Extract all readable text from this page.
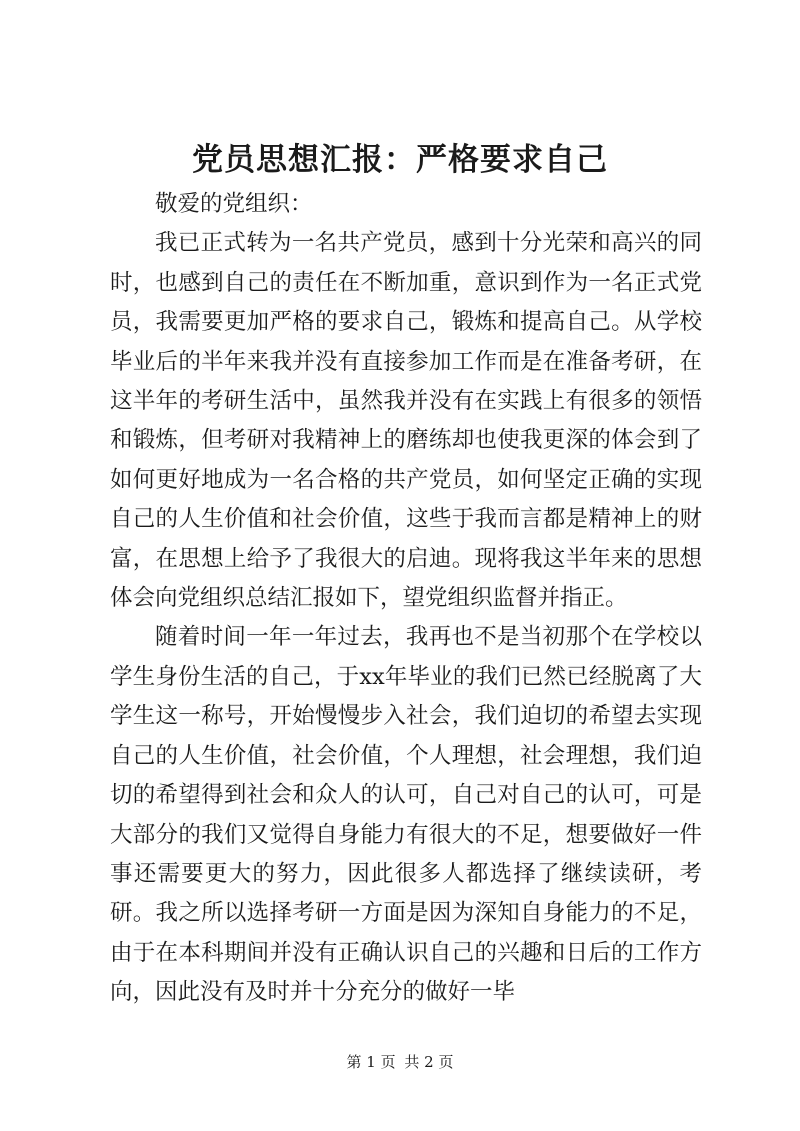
党员思想汇报：严格要求自己

敬爱的党组织：

我已正式转为一名共产党员，感到十分光荣和高兴的同时，也感到自己的责任在不断加重，意识到作为一名正式党员，我需要更加严格的要求自己，锻炼和提高自己。从学校毕业后的半年来我并没有直接参加工作而是在准备考研，在这半年的考研生活中，虽然我并没有在实践上有很多的领悟和锻炼，但考研对我精神上的磨练却也使我更深的体会到了如何更好地成为一名合格的共产党员，如何坚定正确的实现自己的人生价值和社会价值，这些于我而言都是精神上的财富，在思想上给予了我很大的启迪。现将我这半年来的思想体会向党组织总结汇报如下，望党组织监督并指正。

随着时间一年一年过去，我再也不是当初那个在学校以学生身份生活的自己，于xx年毕业的我们已然已经脱离了大学生这一称号，开始慢慢步入社会，我们迫切的希望去实现自己的人生价值，社会价值，个人理想，社会理想，我们迫切的希望得到社会和众人的认可，自己对自己的认可，可是大部分的我们又觉得自身能力有很大的不足，想要做好一件事还需要更大的努力，因此很多人都选择了继续读研，考研。我之所以选择考研一方面是因为深知自身能力的不足，由于在本科期间并没有正确认识自己的兴趣和日后的工作方向，因此没有及时并十分充分的做好一毕

第 1 页 共 2 页
